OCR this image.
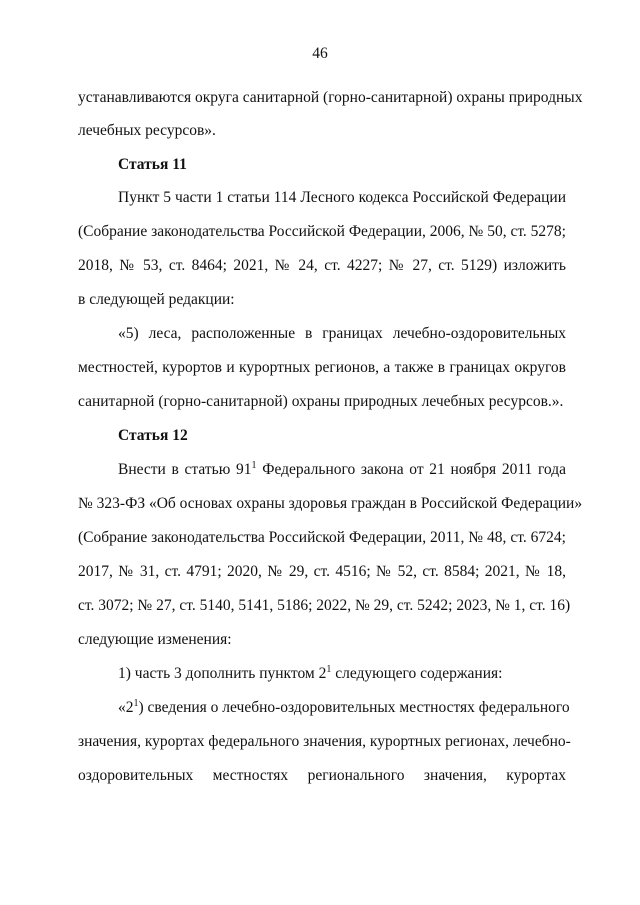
46
устанавливаются округа санитарной (горно-санитарной) охраны природных
лечебных ресурсов».
Статья 11
Пункт 5 части 1 статьи 114 Лесного кодекса Российской Федерации
(Собрание законодательства Российской Федерации, 2006, № 50, ст. 5278;
2018, № 53, ст. 8464; 2021, № 24, ст. 4227; № 27, ст. 5129) изложить
в следующей редакции:
«5) леса, расположенные в границах лечебно-оздоровительных
местностей, курортов и курортных регионов, а также в границах округов
санитарной (горно-санитарной) охраны природных лечебных ресурсов.».
Статья 12
Внести в статью $91^1$ Федерального закона от 21 ноября 2011 года
№ 323-ФЗ «Об основах охраны здоровья граждан в Российской Федерации»
(Собрание законодательства Российской Федерации, 2011, № 48, ст. 6724;
2017, № 31, ст. 4791; 2020, № 29, ст. 4516; № 52, ст. 8584; 2021, № 18,
ст. 3072; № 27, ст. 5140, 5141, 5186; 2022, № 29, ст. 5242; 2023, № 1, ст. 16)
следующие изменения:
1) часть 3 дополнить пунктом $2^1$ следующего содержания:
«$2^1$) сведения о лечебно-оздоровительных местностях федерального
значения, курортах федерального значения, курортных регионах, лечебно-
оздоровительных местностях регионального значения, курортах
